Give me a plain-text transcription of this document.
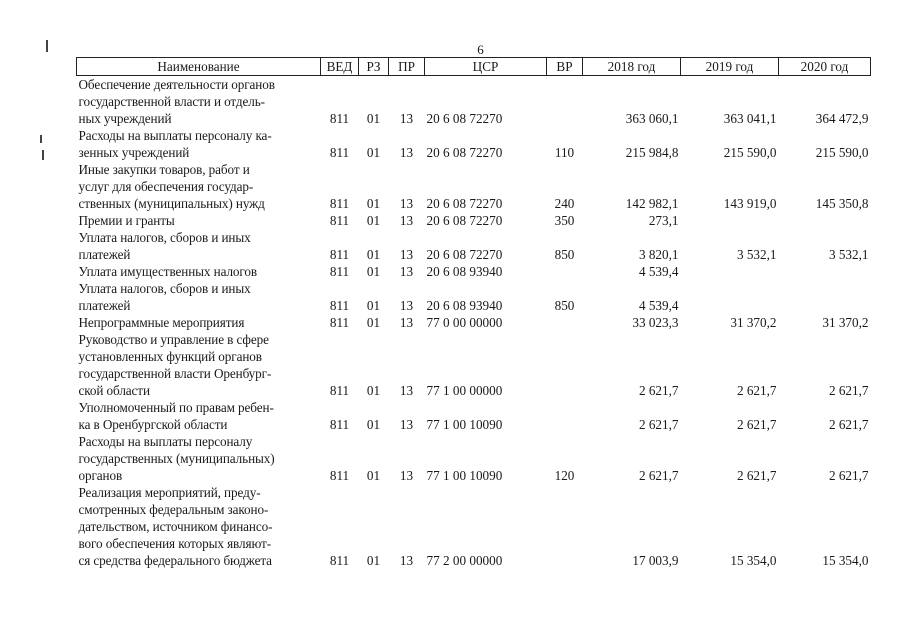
6
Наименование	ВЕД	РЗ	ПР	ЦСР	ВР	2018 год	2019 год	2020 год

Обеспечение деятельности органов
государственной власти и отдель-
ных учреждений	811	01	13	20 6 08 72270		363 060,1	363 041,1	364 472,9

Расходы на выплаты персоналу ка-
зенных учреждений	811	01	13	20 6 08 72270	110	215 984,8	215 590,0	215 590,0

Иные закупки товаров, работ и
услуг для обеспечения государ-
ственных (муниципальных) нужд	811	01	13	20 6 08 72270	240	142 982,1	143 919,0	145 350,8

Премии и гранты	811	01	13	20 6 08 72270	350	273,1		

Уплата налогов, сборов и иных
платежей	811	01	13	20 6 08 72270	850	3 820,1	3 532,1	3 532,1

Уплата имущественных налогов	811	01	13	20 6 08 93940		4 539,4		

Уплата налогов, сборов и иных
платежей	811	01	13	20 6 08 93940	850	4 539,4		

Непрограммные мероприятия	811	01	13	77 0 00 00000		33 023,3	31 370,2	31 370,2

Руководство и управление в сфере
установленных функций органов
государственной власти Оренбург-
ской области	811	01	13	77 1 00 00000		2 621,7	2 621,7	2 621,7

Уполномоченный по правам ребен-
ка в Оренбургской области	811	01	13	77 1 00 10090		2 621,7	2 621,7	2 621,7

Расходы на выплаты персоналу
государственных (муниципальных)
органов	811	01	13	77 1 00 10090	120	2 621,7	2 621,7	2 621,7

Реализация мероприятий, преду-
смотренных федеральным законо-
дательством, источником финансо-
вого обеспечения которых являют-
ся средства федерального бюджета	811	01	13	77 2 00 00000		17 003,9	15 354,0	15 354,0
